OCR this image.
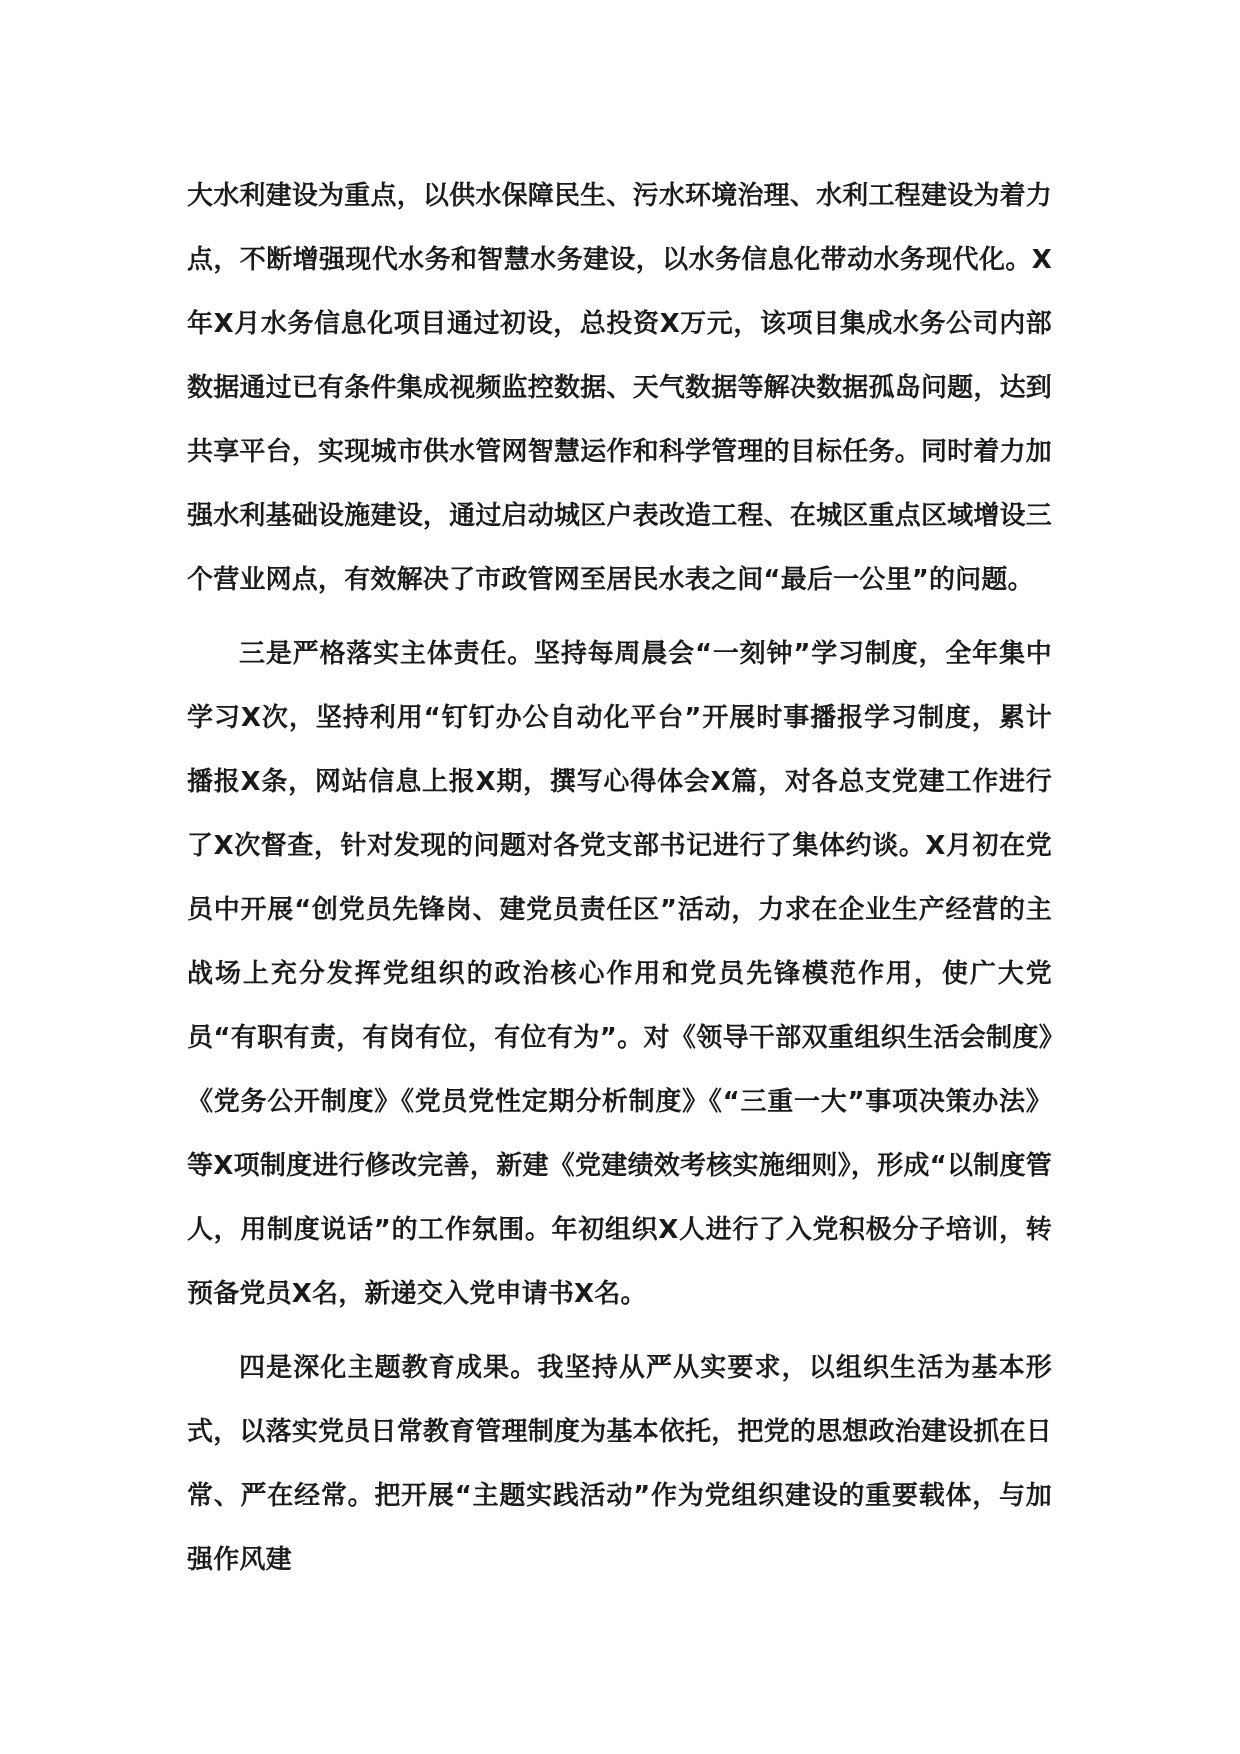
大水利建设为重点，以供水保障民生、污水环境治理、水利工程建设为着力点，不断增强现代水务和智慧水务建设，以水务信息化带动水务现代化。X年X月水务信息化项目通过初设，总投资X万元，该项目集成水务公司内部数据通过已有条件集成视频监控数据、天气数据等解决数据孤岛问题，达到共享平台，实现城市供水管网智慧运作和科学管理的目标任务。同时着力加强水利基础设施建设，通过启动城区户表改造工程、在城区重点区域增设三个营业网点，有效解决了市政管网至居民水表之间“最后一公里”的问题。

三是严格落实主体责任。坚持每周晨会“一刻钟”学习制度，全年集中学习X次，坚持利用“钉钉办公自动化平台”开展时事播报学习制度，累计播报X条，网站信息上报X期，撰写心得体会X篇，对各总支党建工作进行了X次督查，针对发现的问题对各党支部书记进行了集体约谈。X月初在党员中开展“创党员先锋岗、建党员责任区”活动，力求在企业生产经营的主战场上充分发挥党组织的政治核心作用和党员先锋模范作用，使广大党员“有职有责，有岗有位，有位有为”。对《领导干部双重组织生活会制度》《党务公开制度》《党员党性定期分析制度》《“三重一大”事项决策办法》等X项制度进行修改完善，新建《党建绩效考核实施细则》，形成“以制度管人，用制度说话”的工作氛围。年初组织X人进行了入党积极分子培训，转预备党员X名，新递交入党申请书X名。

四是深化主题教育成果。我坚持从严从实要求，以组织生活为基本形式，以落实党员日常教育管理制度为基本依托，把党的思想政治建设抓在日常、严在经常。把开展“主题实践活动”作为党组织建设的重要载体，与加强作风建
